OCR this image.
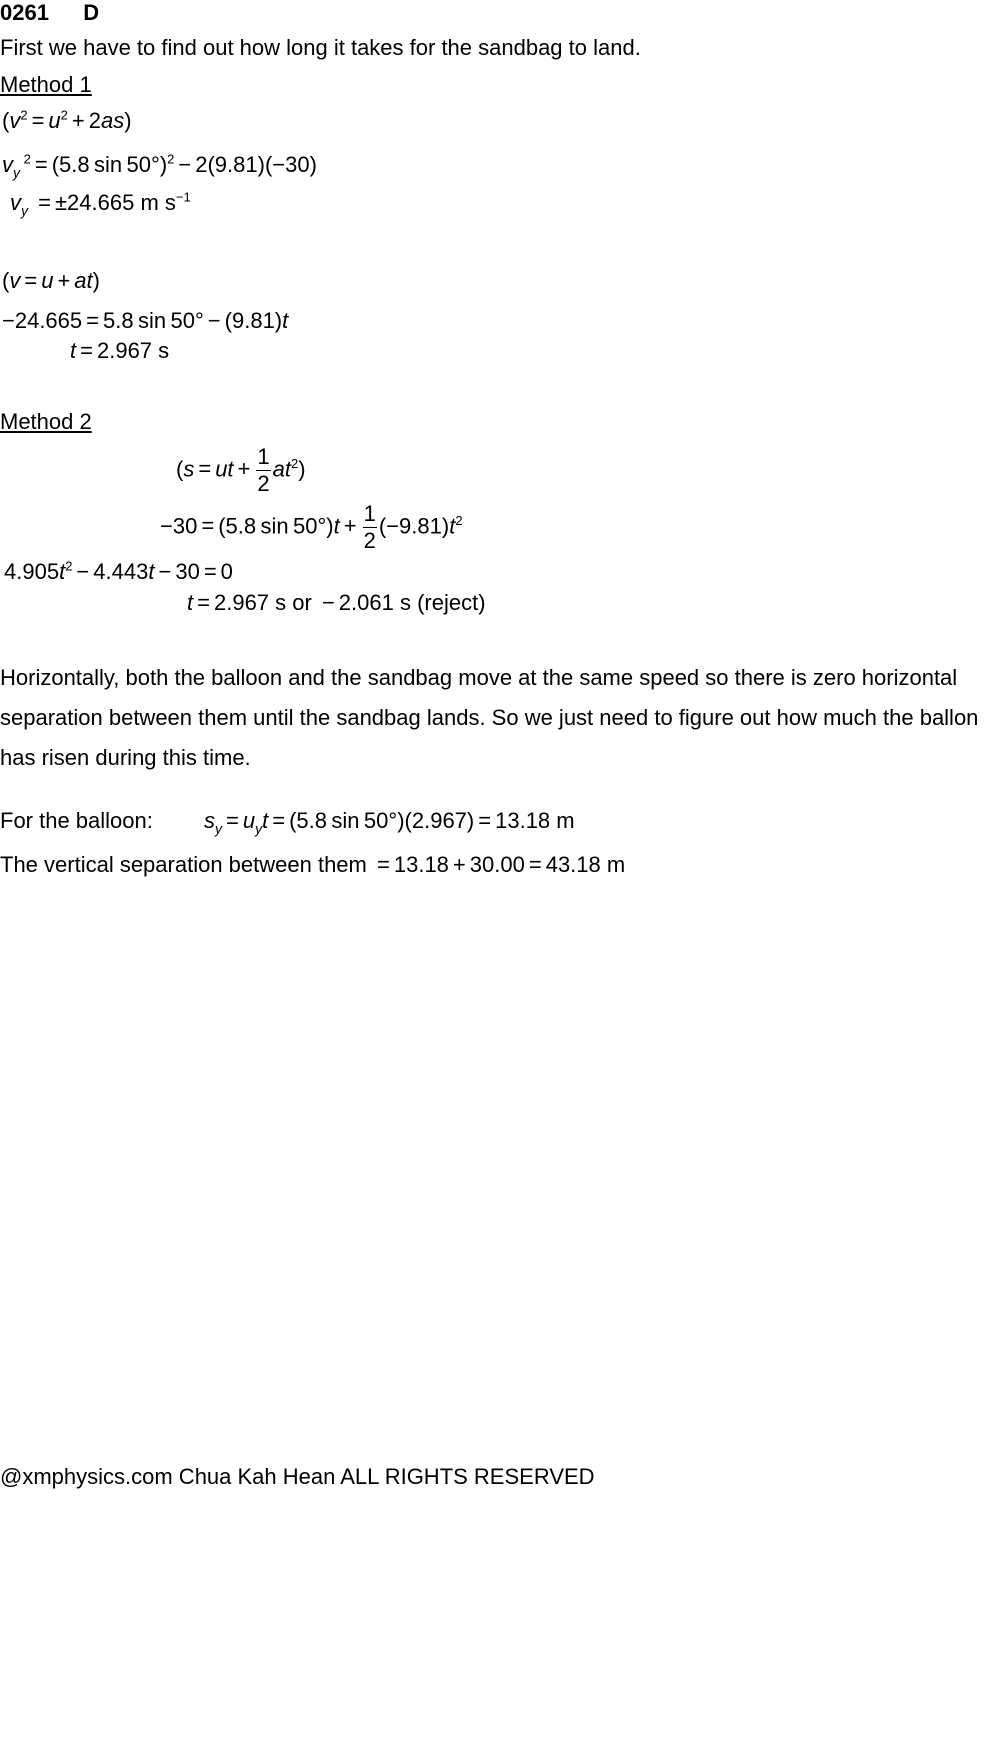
0261 D
First we have to find out how long it takes for the sandbag to land.
Method 1
$(v^2 = u^2 + 2as)$
$v_y$ $^2$ = (5.8 sin 50°)$^2$ − 2(9.81)(−30)
$v_y = \pm 24.665$ m $s^{-1}$
(v = u + at)
−24.665 = 5.8 sin 50° − (9.81)t
t = 2.967 s
Method 2
(s = ut + $\frac{1}{2} at^2$)
−30 = (5.8 $\sin 50^\circ)t + \frac{1}{2} (-9.81)t^2$
$4.905t^2 - 4.443t - 30 = 0$
t = 2.967 s or − 2.061 s (reject)
Horizontally, both the balloon and the sandbag move at the same speed so there is zero horizontal separation between them until the sandbag lands. So we just need to figure out how much the ballon has risen during this time.
For the balloon: $s_y = u_yt = (5.8$ sin 50°)(2.967) = 13.18 m
The vertical separation between them = 13.18 + 30.00 = 43.18 m
@xmphysics.com Chua Kah Hean ALL RIGHTS RESERVED
